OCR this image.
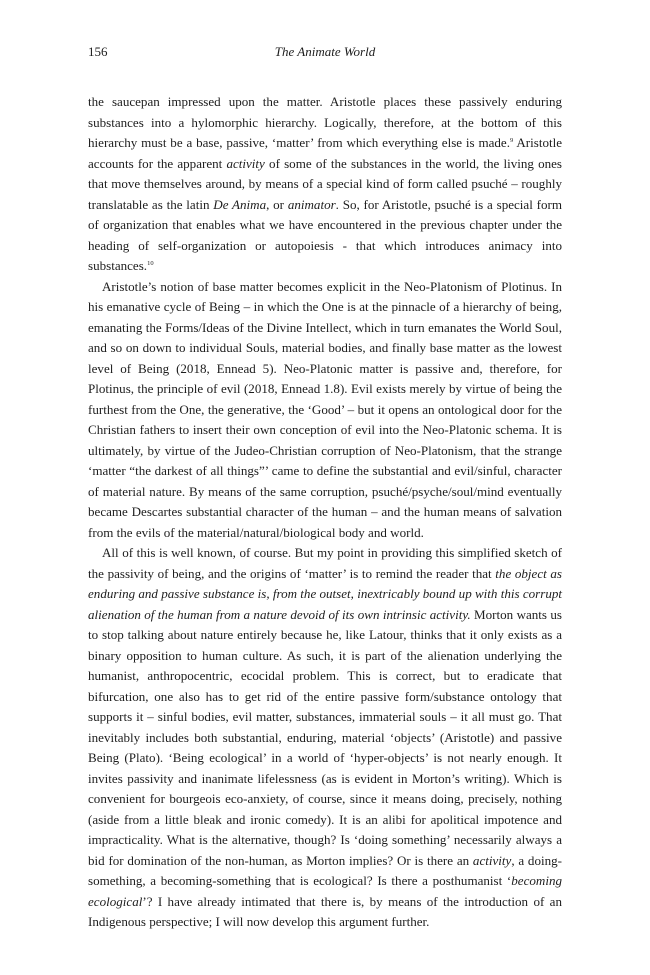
156	The Animate World

the saucepan impressed upon the matter. Aristotle places these passively enduring substances into a hylomorphic hierarchy. Logically, therefore, at the bottom of this hierarchy must be a base, passive, ‘matter’ from which everything else is made.$^9$ Aristotle accounts for the apparent activity of some of the substances in the world, the living ones that move themselves around, by means of a special kind of form called psuché – roughly translatable as the latin De Anima, or animator. So, for Aristotle, psuché is a special form of organization that enables what we have encountered in the previous chapter under the heading of self-organization or autopoiesis - that which introduces animacy into substances.$^{10}$

Aristotle’s notion of base matter becomes explicit in the Neo-Platonism of Plotinus. In his emanative cycle of Being – in which the One is at the pinnacle of a hierarchy of being, emanating the Forms/Ideas of the Divine Intellect, which in turn emanates the World Soul, and so on down to individual Souls, material bodies, and finally base matter as the lowest level of Being (2018, Ennead 5). Neo-Platonic matter is passive and, therefore, for Plotinus, the principle of evil (2018, Ennead 1.8). Evil exists merely by virtue of being the furthest from the One, the generative, the ‘Good’ – but it opens an ontological door for the Christian fathers to insert their own conception of evil into the Neo-Platonic schema. It is ultimately, by virtue of the Judeo-Christian corruption of Neo-Platonism, that the strange ‘matter “the darkest of all things”’ came to define the substantial and evil/sinful, character of material nature. By means of the same corruption, psuché/psyche/soul/mind eventually became Descartes substantial character of the human – and the human means of salvation from the evils of the material/natural/biological body and world.

All of this is well known, of course. But my point in providing this simplified sketch of the passivity of being, and the origins of ‘matter’ is to remind the reader that the object as enduring and passive substance is, from the outset, inextricably bound up with this corrupt alienation of the human from a nature devoid of its own intrinsic activity. Morton wants us to stop talking about nature entirely because he, like Latour, thinks that it only exists as a binary opposition to human culture. As such, it is part of the alienation underlying the humanist, anthropocentric, ecocidal problem. This is correct, but to eradicate that bifurcation, one also has to get rid of the entire passive form/substance ontology that supports it – sinful bodies, evil matter, substances, immaterial souls – it all must go. That inevitably includes both substantial, enduring, material ‘objects’ (Aristotle) and passive Being (Plato). ‘Being ecological’ in a world of ‘hyper-objects’ is not nearly enough. It invites passivity and inanimate lifelessness (as is evident in Morton’s writing). Which is convenient for bourgeois eco-anxiety, of course, since it means doing, precisely, nothing (aside from a little bleak and ironic comedy). It is an alibi for apolitical impotence and impracticality. What is the alternative, though? Is ‘doing something’ necessarily always a bid for domination of the non-human, as Morton implies? Or is there an activity, a doing-something, a becoming-something that is ecological? Is there a posthumanist ‘becoming ecological’? I have already intimated that there is, by means of the introduction of an Indigenous perspective; I will now develop this argument further.
